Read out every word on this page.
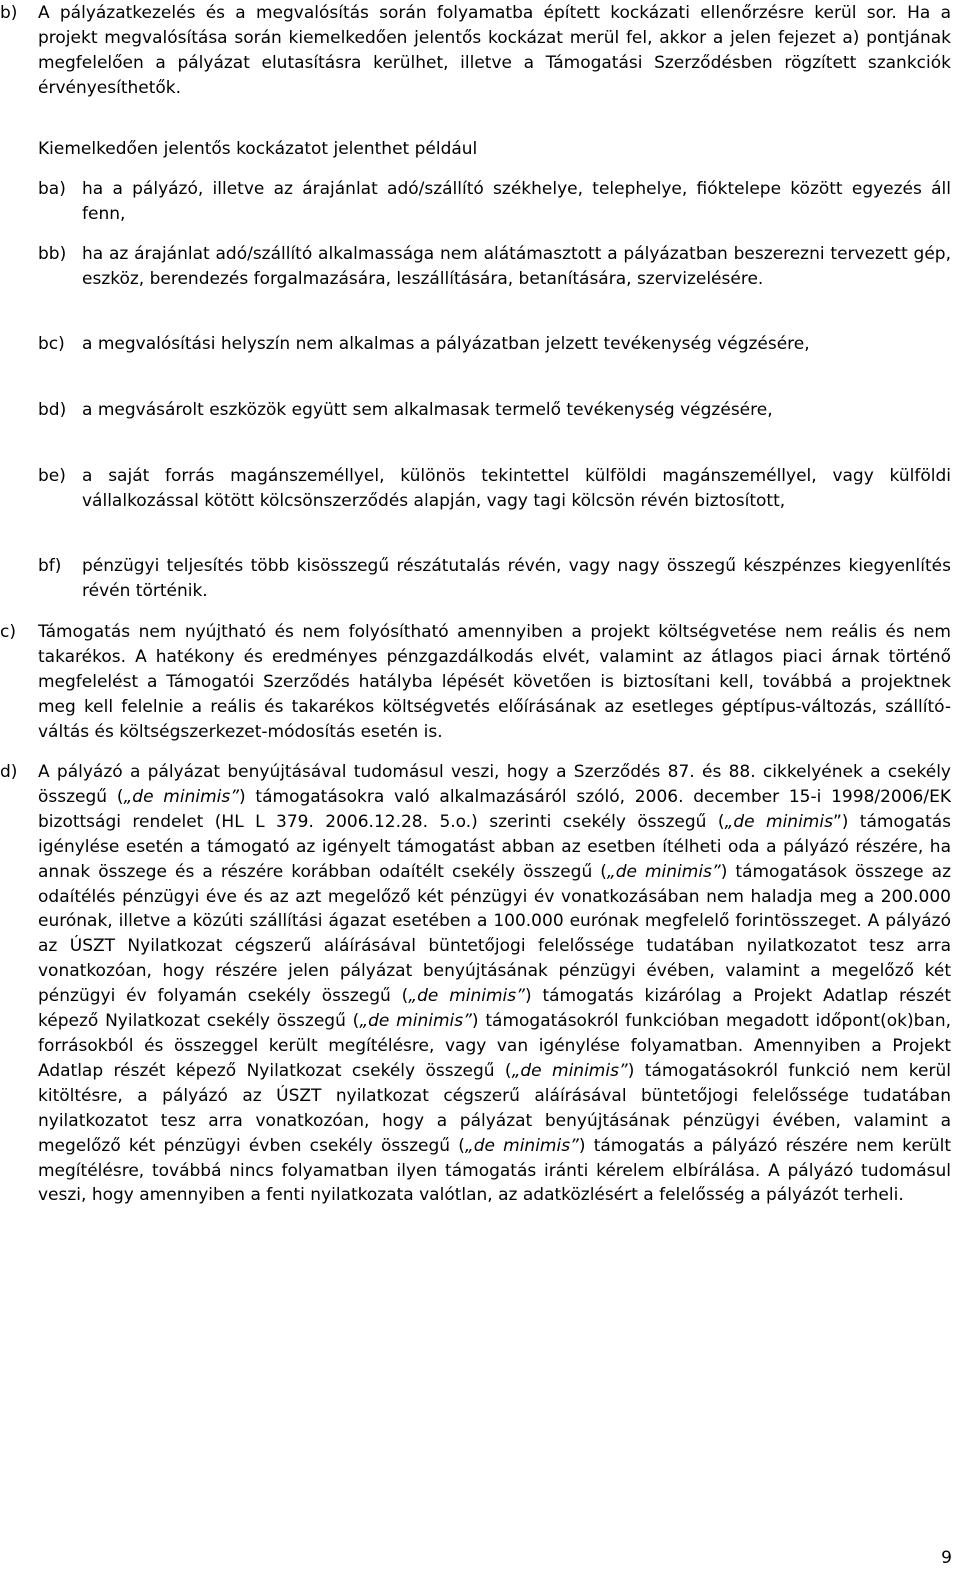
b) A pályázatkezelés és a megvalósítás során folyamatba épített kockázati ellenőrzésre kerül sor. Ha a projekt megvalósítása során kiemelkedően jelentős kockázat merül fel, akkor a jelen fejezet a) pontjának megfelelően a pályázat elutasításra kerülhet, illetve a Támogatási Szerződésben rögzített szankciók érvényesíthetők.
Kiemelkedően jelentős kockázatot jelenthet például
ba) ha a pályázó, illetve az árajánlat adó/szállító székhelye, telephelye, fióktelepe között egyezés áll fenn,
bb) ha az árajánlat adó/szállító alkalmassága nem alátámasztott a pályázatban beszerezni tervezett gép, eszköz, berendezés forgalmazására, leszállítására, betanítására, szervizelésére.
bc) a megvalósítási helyszín nem alkalmas a pályázatban jelzett tevékenység végzésére,
bd) a megvásárolt eszközök együtt sem alkalmasak termelő tevékenység végzésére,
be) a saját forrás magánszeméllyel, különös tekintettel külföldi magánszeméllyel, vagy külföldi vállalkozással kötött kölcsönszerződés alapján, vagy tagi kölcsön révén biztosított,
bf) pénzügyi teljesítés több kisösszegű részátutalás révén, vagy nagy összegű készpénzes kiegyenlítés révén történik.
c) Támogatás nem nyújtható és nem folyósítható amennyiben a projekt költségvetése nem reális és nem takarékos. A hatékony és eredményes pénzgazdálkodás elvét, valamint az átlagos piaci árnak történő megfelelést a Támogatói Szerződés hatályba lépését követően is biztosítani kell, továbbá a projektnek meg kell felelnie a reális és takarékos költségvetés előírásának az esetleges géptípus-változás, szállító-váltás és költségszerkezet-módosítás esetén is.
d) A pályázó a pályázat benyújtásával tudomásul veszi, hogy a Szerződés 87. és 88. cikkelyének a csekély összegű („de minimis”) támogatásokra való alkalmazásáról szóló, 2006. december 15-i 1998/2006/EK bizottsági rendelet (HL L 379. 2006.12.28. 5.o.) szerinti csekély összegű („de minimis”) támogatás igénylése esetén a támogató az igényelt támogatást abban az esetben ítélheti oda a pályázó részére, ha annak összege és a részére korábban odaítélt csekély összegű („de minimis”) támogatások összege az odaítélés pénzügyi éve és az azt megelőző két pénzügyi év vonatkozásában nem haladja meg a 200.000 eurónak, illetve a közúti szállítási ágazat esetében a 100.000 eurónak megfelelő forintösszeget. A pályázó az ÚSZT Nyilatkozat cégszerű aláírásával büntetőjogi felelőssége tudatában nyilatkozatot tesz arra vonatkozóan, hogy részére jelen pályázat benyújtásának pénzügyi évében, valamint a megelőző két pénzügyi év folyamán csekély összegű („de minimis”) támogatás kizárólag a Projekt Adatlap részét képező Nyilatkozat csekély összegű („de minimis”) támogatásokról funkcióban megadott időpont(ok)ban, forrásokból és összeggel került megítélésre, vagy van igénylése folyamatban. Amennyiben a Projekt Adatlap részét képező Nyilatkozat csekély összegű („de minimis”) támogatásokról funkció nem kerül kitöltésre, a pályázó az ÚSZT nyilatkozat cégszerű aláírásával büntetőjogi felelőssége tudatában nyilatkozatot tesz arra vonatkozóan, hogy a pályázat benyújtásának pénzügyi évében, valamint a megelőző két pénzügyi évben csekély összegű („de minimis”) támogatás a pályázó részére nem került megítélésre, továbbá nincs folyamatban ilyen támogatás iránti kérelem elbírálása. A pályázó tudomásul veszi, hogy amennyiben a fenti nyilatkozata valótlan, az adatközlésért a felelősség a pályázót terheli.
9
